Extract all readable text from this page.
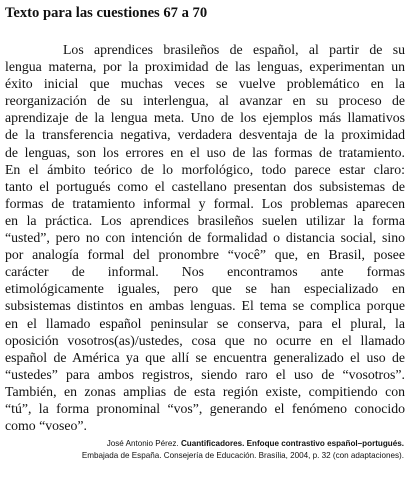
Texto para las cuestiones 67 a 70
Los aprendices brasileños de español, al partir de su
lengua materna, por la proximidad de las lenguas, experimentan un
éxito inicial que muchas veces se vuelve problemático en la
reorganización de su interlengua, al avanzar en su proceso de
aprendizaje de la lengua meta. Uno de los ejemplos más llamativos
de la transferencia negativa, verdadera desventaja de la proximidad
de lenguas, son los errores en el uso de las formas de tratamiento.
En el ámbito teórico de lo morfológico, todo parece estar claro:
tanto el portugués como el castellano presentan dos subsistemas de
formas de tratamiento informal y formal. Los problemas aparecen
en la práctica. Los aprendices brasileños suelen utilizar la forma
“usted”, pero no con intención de formalidad o distancia social, sino
por analogía formal del pronombre “você” que, en Brasil, posee
carácter de informal. Nos encontramos ante formas
etimológicamente iguales, pero que se han especializado en
subsistemas distintos en ambas lenguas. El tema se complica porque
en el llamado español peninsular se conserva, para el plural, la
oposición vosotros(as)/ustedes, cosa que no ocurre en el llamado
español de América ya que allí se encuentra generalizado el uso de
“ustedes” para ambos registros, siendo raro el uso de “vosotros”.
También, en zonas amplias de esta región existe, compitiendo con
“tú”, la forma pronominal “vos”, generando el fenómeno conocido
como “voseo”.
José Antonio Pérez. Cuantificadores. Enfoque contrastivo español–portugués.
Embajada de España. Consejería de Educación. Brasília, 2004, p. 32 (con adaptaciones).
